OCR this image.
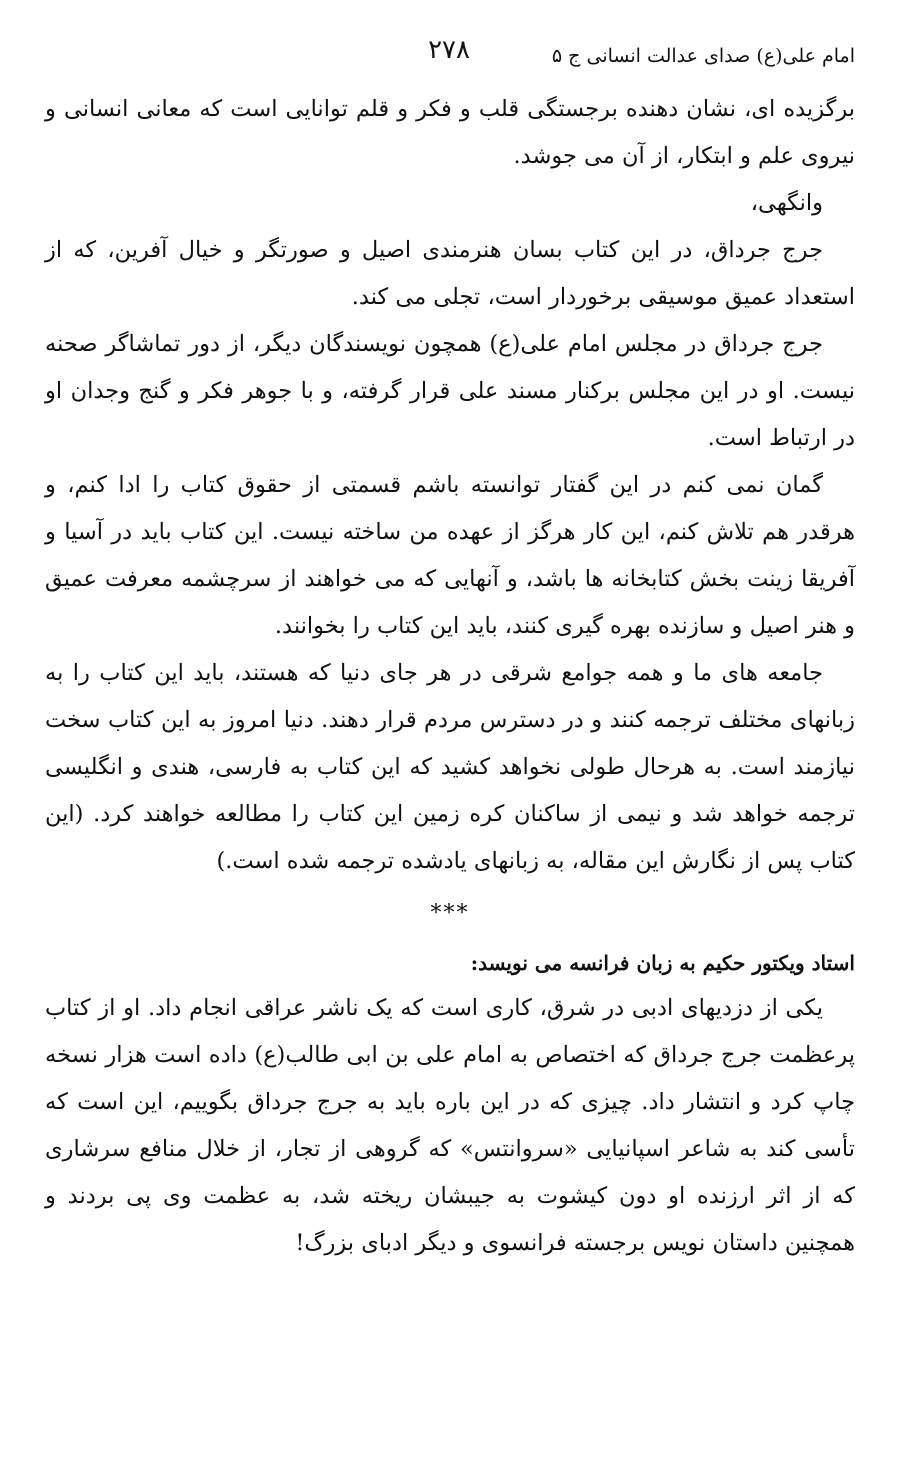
امام علی(ع) صدای عدالت انسانی ج ۵
۲۷۸

برگزیده ای، نشان دهنده برجستگی قلب و فکر و قلم توانایی است که معانی انسانی و نیروی علم و ابتکار، از آن می جوشد.

وانگهی،

جرج جرداق، در این کتاب بسان هنرمندی اصیل و صورتگر و خیال آفرین، که از استعداد عمیق موسیقی برخوردار است، تجلی می کند.

جرج جرداق در مجلس امام علی(ع) همچون نویسندگان دیگر، از دور تماشاگر صحنه نیست. او در این مجلس برکنار مسند علی قرار گرفته، و با جوهر فکر و گنج وجدان او در ارتباط است.

گمان نمی کنم در این گفتار توانسته باشم قسمتی از حقوق کتاب را ادا کنم، و هرقدر هم تلاش کنم، این کار هرگز از عهده من ساخته نیست. این کتاب باید در آسیا و آفریقا زینت بخش کتابخانه ها باشد، و آنهایی که می خواهند از سرچشمه معرفت عمیق و هنر اصیل و سازنده بهره گیری کنند، باید این کتاب را بخوانند.

جامعه های ما و همه جوامع شرقی در هر جای دنیا که هستند، باید این کتاب را به زبانهای مختلف ترجمه کنند و در دسترس مردم قرار دهند. دنیا امروز به این کتاب سخت نیازمند است. به هرحال طولی نخواهد کشید که این کتاب به فارسی، هندی و انگلیسی ترجمه خواهد شد و نیمی از ساکنان کره زمین این کتاب را مطالعه خواهند کرد. (این کتاب پس از نگارش این مقاله، به زبانهای یادشده ترجمه شده است.)

***

استاد ویکتور حکیم به زبان فرانسه می نویسد:

یکی از دزدیهای ادبی در شرق، کاری است که یک ناشر عراقی انجام داد. او از کتاب پرعظمت جرج جرداق که اختصاص به امام علی بن ابی طالب(ع) داده است هزار نسخه چاپ کرد و انتشار داد. چیزی که در این باره باید به جرج جرداق بگوییم، این است که تأسی کند به شاعر اسپانیایی «سروانتس» که گروهی از تجار، از خلال منافع سرشاری که از اثر ارزنده او دون کیشوت به جیبشان ریخته شد، به عظمت وی پی بردند و همچنین داستان نویس برجسته فرانسوی و دیگر ادبای بزرگ!
